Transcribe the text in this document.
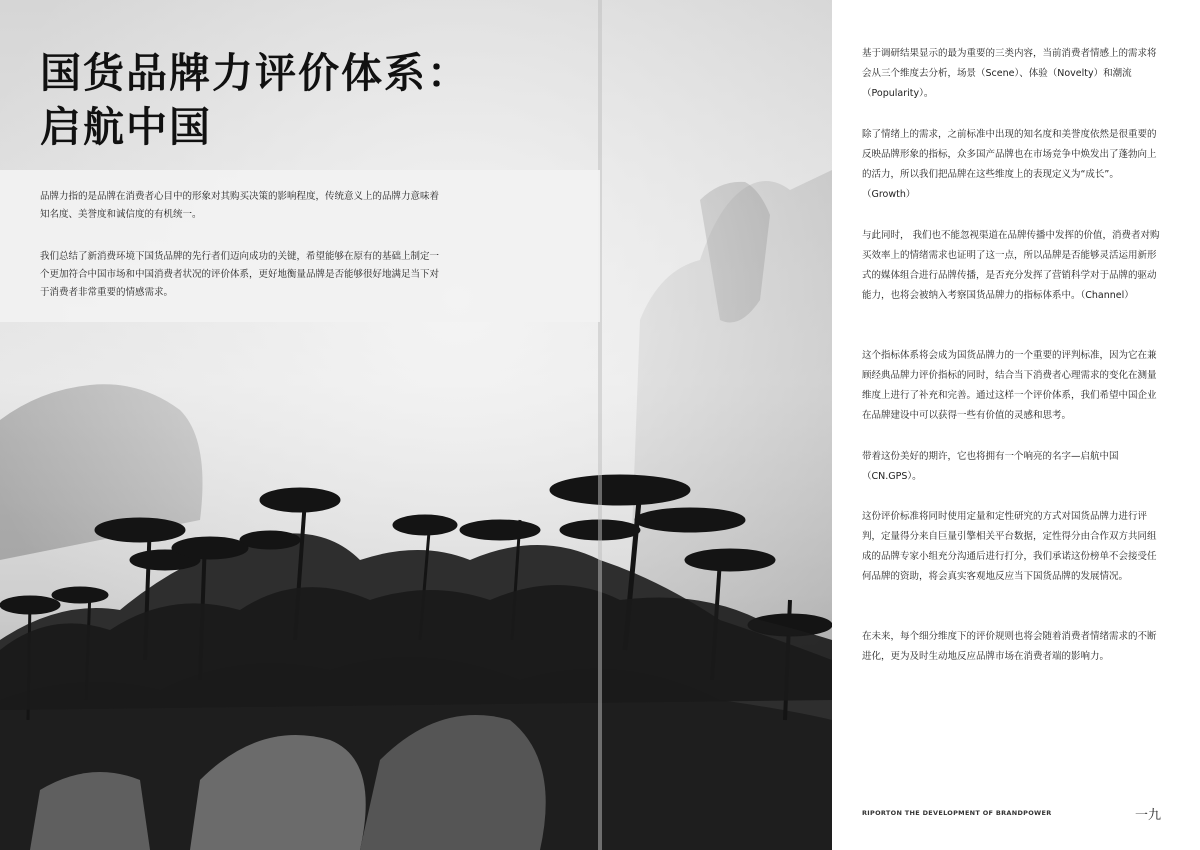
国货品牌力评价体系：
启航中国

品牌力指的是品牌在消费者心目中的形象对其购买决策的影响程度，传统意义上的品牌力意味着知名度、美誉度和诚信度的有机统一。

我们总结了新消费环境下国货品牌的先行者们迈向成功的关键，希望能够在原有的基础上制定一个更加符合中国市场和中国消费者状况的评价体系，更好地衡量品牌是否能够很好地满足当下对于消费者非常重要的情感需求。

基于调研结果显示的最为重要的三类内容，当前消费者情感上的需求将会从三个维度去分析，场景（Scene）、体验（Novelty）和潮流（Popularity）。

除了情绪上的需求，之前标准中出现的知名度和美誉度依然是很重要的反映品牌形象的指标，众多国产品牌也在市场竞争中焕发出了蓬勃向上的活力，所以我们把品牌在这些维度上的表现定义为“成长”。（Growth）

与此同时， 我们也不能忽视渠道在品牌传播中发挥的价值，消费者对购买效率上的情绪需求也证明了这一点，所以品牌是否能够灵活运用新形式的媒体组合进行品牌传播，是否充分发挥了营销科学对于品牌的驱动能力，也将会被纳入考察国货品牌力的指标体系中。（Channel）

这个指标体系将会成为国货品牌力的一个重要的评判标准，因为它在兼顾经典品牌力评价指标的同时，结合当下消费者心理需求的变化在测量维度上进行了补充和完善。通过这样一个评价体系，我们希望中国企业在品牌建设中可以获得一些有价值的灵感和思考。

带着这份美好的期许，它也将拥有一个响亮的名字—启航中国（CN.GPS）。

这份评价标准将同时使用定量和定性研究的方式对国货品牌力进行评判，定量得分来自巨量引擎相关平台数据，定性得分由合作双方共同组成的品牌专家小组充分沟通后进行打分，我们承诺这份榜单不会接受任何品牌的资助，将会真实客观地反应当下国货品牌的发展情况。

在未来，每个细分维度下的评价规则也将会随着消费者情绪需求的不断进化，更为及时生动地反应品牌市场在消费者端的影响力。

RIPORTON THE DEVELOPMENT OF BRANDPOWER	一九
